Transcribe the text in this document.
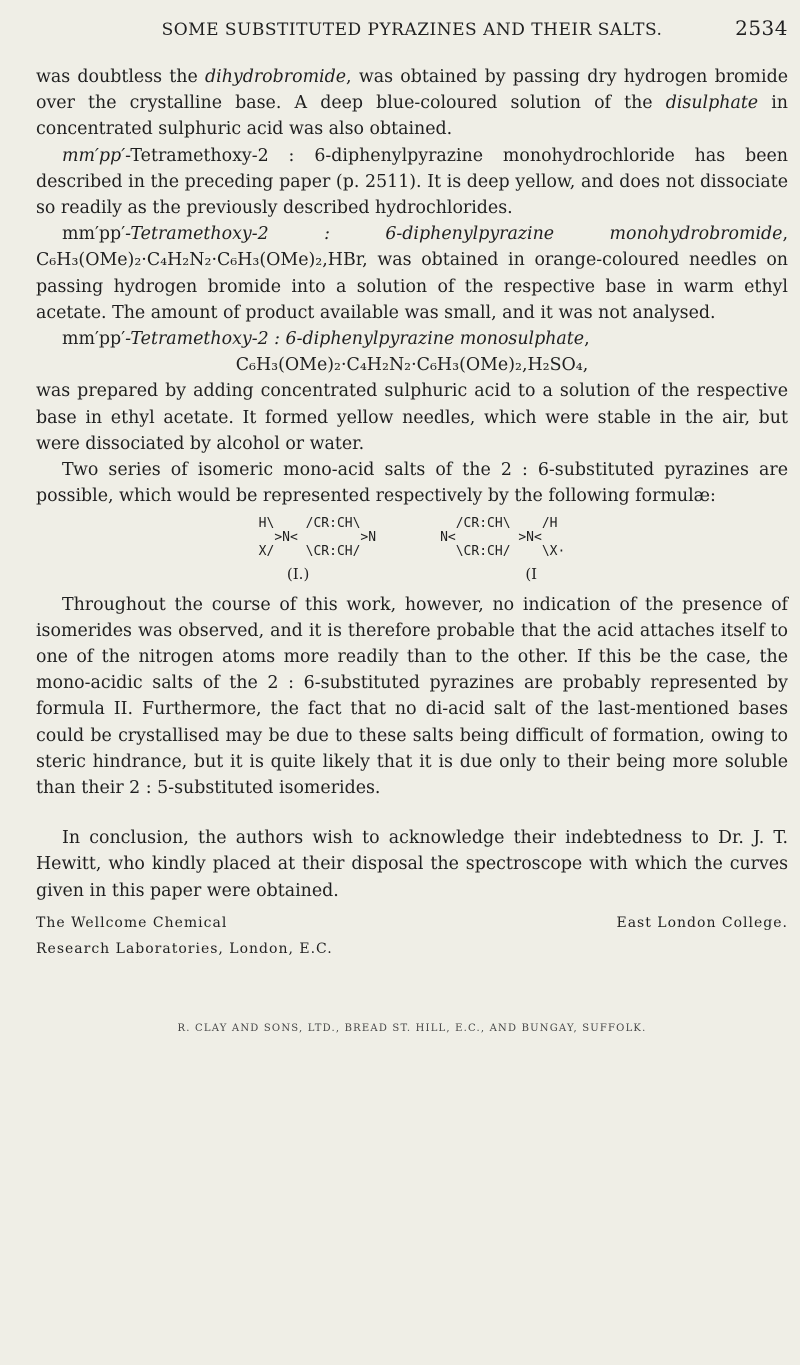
SOME SUBSTITUTED PYRAZINES AND THEIR SALTS.	2534

was doubtless the dihydrobromide, was obtained by passing dry hydrogen bromide over the crystalline base. A deep blue-coloured solution of the disulphate in concentrated sulphuric acid was also obtained.

mm′pp′-Tetramethoxy-2 : 6-diphenylpyrazine monohydrochloride has been described in the preceding paper (p. 2511). It is deep yellow, and does not dissociate so readily as the previously described hydrochlorides.

mm′pp′-Tetramethoxy-2 : 6-diphenylpyrazine monohydrobromide, C₆H₃(OMe)₂·C₄H₂N₂·C₆H₃(OMe)₂,HBr, was obtained in orange-coloured needles on passing hydrogen bromide into a solution of the respective base in warm ethyl acetate. The amount of product available was small, and it was not analysed.

mm′pp′-Tetramethoxy-2 : 6-diphenylpyrazine monosulphate,

C₆H₃(OMe)₂·C₄H₂N₂·C₆H₃(OMe)₂,H₂SO₄,

was prepared by adding concentrated sulphuric acid to a solution of the respective base in ethyl acetate. It formed yellow needles, which were stable in the air, but were dissociated by alcohol or water.

Two series of isomeric mono-acid salts of the 2 : 6-substituted pyrazines are possible, which would be represented respectively by the following formulæ:

H\    /CR:CH\
>N<        >N
X/    \CR:CH/
/CR:CH\    /H
N<        >N<
\CR:CH/    \X·
(I.)	(I

Throughout the course of this work, however, no indication of the presence of isomerides was observed, and it is therefore probable that the acid attaches itself to one of the nitrogen atoms more readily than to the other. If this be the case, the mono-acidic salts of the 2 : 6-substituted pyrazines are probably represented by formula II. Furthermore, the fact that no di-acid salt of the last-mentioned bases could be crystallised may be due to these salts being difficult of formation, owing to steric hindrance, but it is quite likely that it is due only to their being more soluble than their 2 : 5-substituted isomerides.

In conclusion, the authors wish to acknowledge their indebtedness to Dr. J. T. Hewitt, who kindly placed at their disposal the spectroscope with which the curves given in this paper were obtained.

The Wellcome Chemical	East London College.
Research Laboratories, London, E.C.
R. CLAY AND SONS, LTD., BREAD ST. HILL, E.C., AND BUNGAY, SUFFOLK.
